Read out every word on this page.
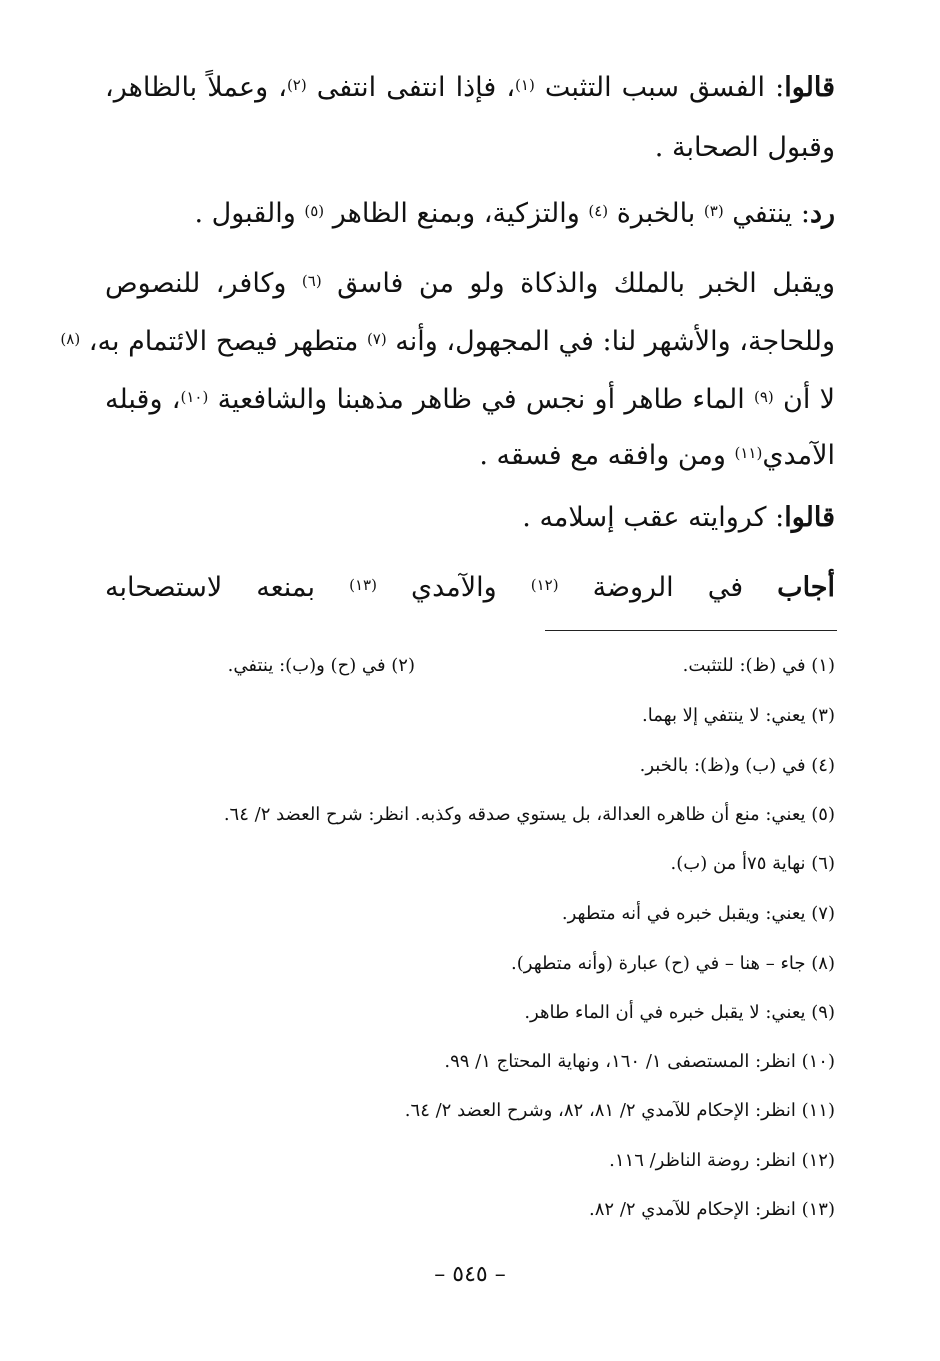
قالوا: الفسق سبب التثبت $^{(١)}$، فإذا انتفى انتفى $^{(٢)}$، وعملاً بالظاهر،
وقبول الصحابة .
رد: ينتفي $^{(٣)}$ بالخبرة $^{(٤)}$ والتزكية، وبمنع الظاهر $^{(٥)}$ والقبول .
ويقبل الخبر بالملك والذكاة ولو من فاسق $^{(٦)}$ وكافر، للنصوص
وللحاجة، والأشهر لنا: في المجهول، وأنه $^{(٧)}$ متطهر فيصح الائتمام به، $^{(٨)}$
لا أن $^{(٩)}$ الماء طاهر أو نجس في ظاهر مذهبنا والشافعية $^{(١٠)}$، وقبله
الآمدي$^{(١١)}$ ومن وافقه مع فسقه .
قالوا: كروايته عقب إسلامه .
أجاب في الروضة $^{(١٢)}$ والآمدي $^{(١٣)}$ بمنعه لاستصحابه
(١) في (ظ): للتثبت.
(٢) في (ح) و(ب): ينتفي.
(٣) يعني: لا ينتفي إلا بهما.
(٤) في (ب) و(ظ): بالخبر.
(٥) يعني: منع أن ظاهره العدالة، بل يستوي صدقه وكذبه. انظر: شرح العضد ٢/ ٦٤.
(٦) نهاية ٧٥أ من (ب).
(٧) يعني: ويقبل خبره في أنه متطهر.
(٨) جاء – هنا – في (ح) عبارة (وأنه متطهر).
(٩) يعني: لا يقبل خبره في أن الماء طاهر.
(١٠) انظر: المستصفى ١/ ١٦٠، ونهاية المحتاج ١/ ٩٩.
(١١) انظر: الإحكام للآمدي ٢/ ٨١، ٨٢، وشرح العضد ٢/ ٦٤.
(١٢) انظر: روضة الناظر/ ١١٦.
(١٣) انظر: الإحكام للآمدي ٢/ ٨٢.
– ٥٤٥ –
